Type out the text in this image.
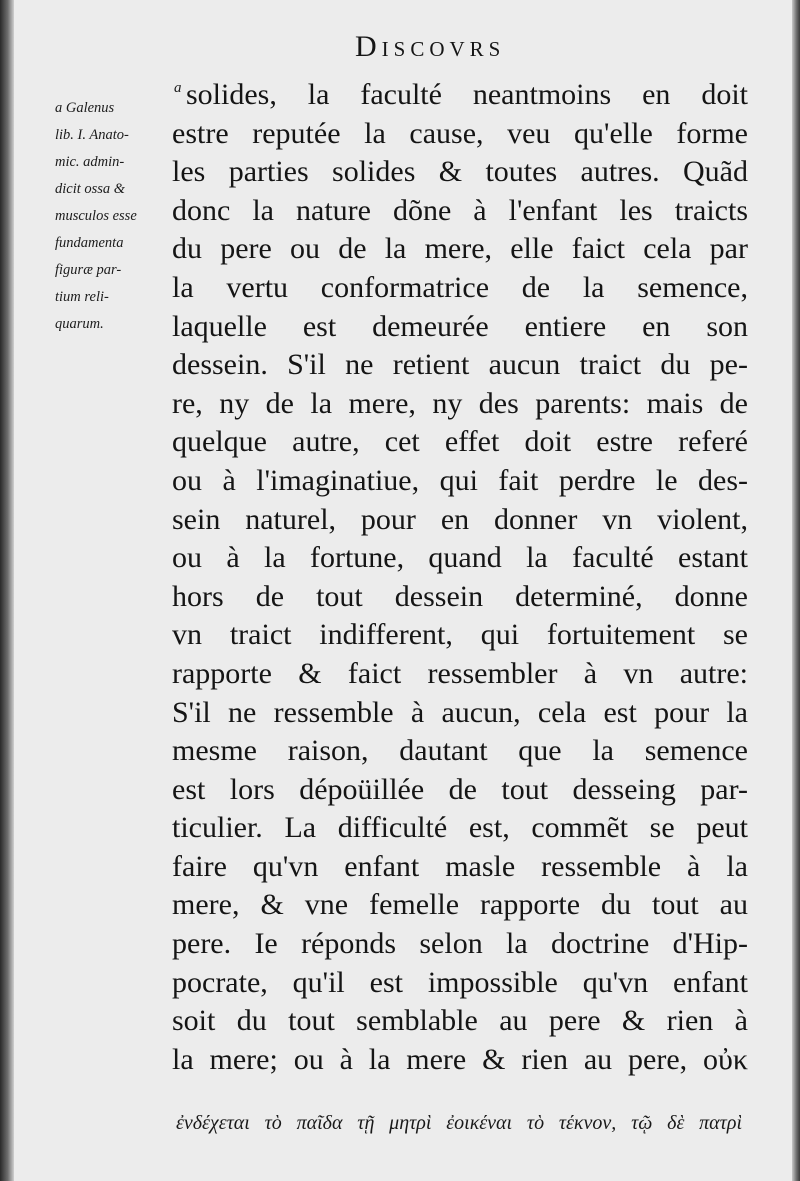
Discovrs
a Galenus
lib. I. Anato-
mic. admin-
dicit ossa &
musculos esse
fundamenta
figuræ par-
tium reli-
quarum.
a solides, la faculté neantmoins en doit
estre reputée la cause, veu qu'elle forme
les parties solides & toutes autres. Quãd
donc la nature dõne à l'enfant les traicts
du pere ou de la mere, elle faict cela par
la vertu conformatrice de la semence,
laquelle est demeurée entiere en son
dessein. S'il ne retient aucun traict du pe-
re, ny de la mere, ny des parents: mais de
quelque autre, cet effet doit estre referé
ou à l'imaginatiue, qui fait perdre le des-
sein naturel, pour en donner vn violent,
ou à la fortune, quand la faculté estant
hors de tout dessein determiné, donne
vn traict indifferent, qui fortuitement se
rapporte & faict ressembler à vn autre:
S'il ne ressemble à aucun, cela est pour la
mesme raison, dautant que la semence
est lors dépoüillée de tout desseing par-
ticulier. La difficulté est, commẽt se peut
faire qu'vn enfant masle ressemble à la
mere, & vne femelle rapporte du tout au
pere. Ie réponds selon la doctrine d'Hip-
pocrate, qu'il est impossible qu'vn enfant
soit du tout semblable au pere & rien à
la mere; ou à la mere & rien au pere, οὐκ
ἐνδέχεται τὸ παῖδα τῇ μητρὶ ἐοικέναι τὸ τέκνον, τῷ δὲ πατρὶ
